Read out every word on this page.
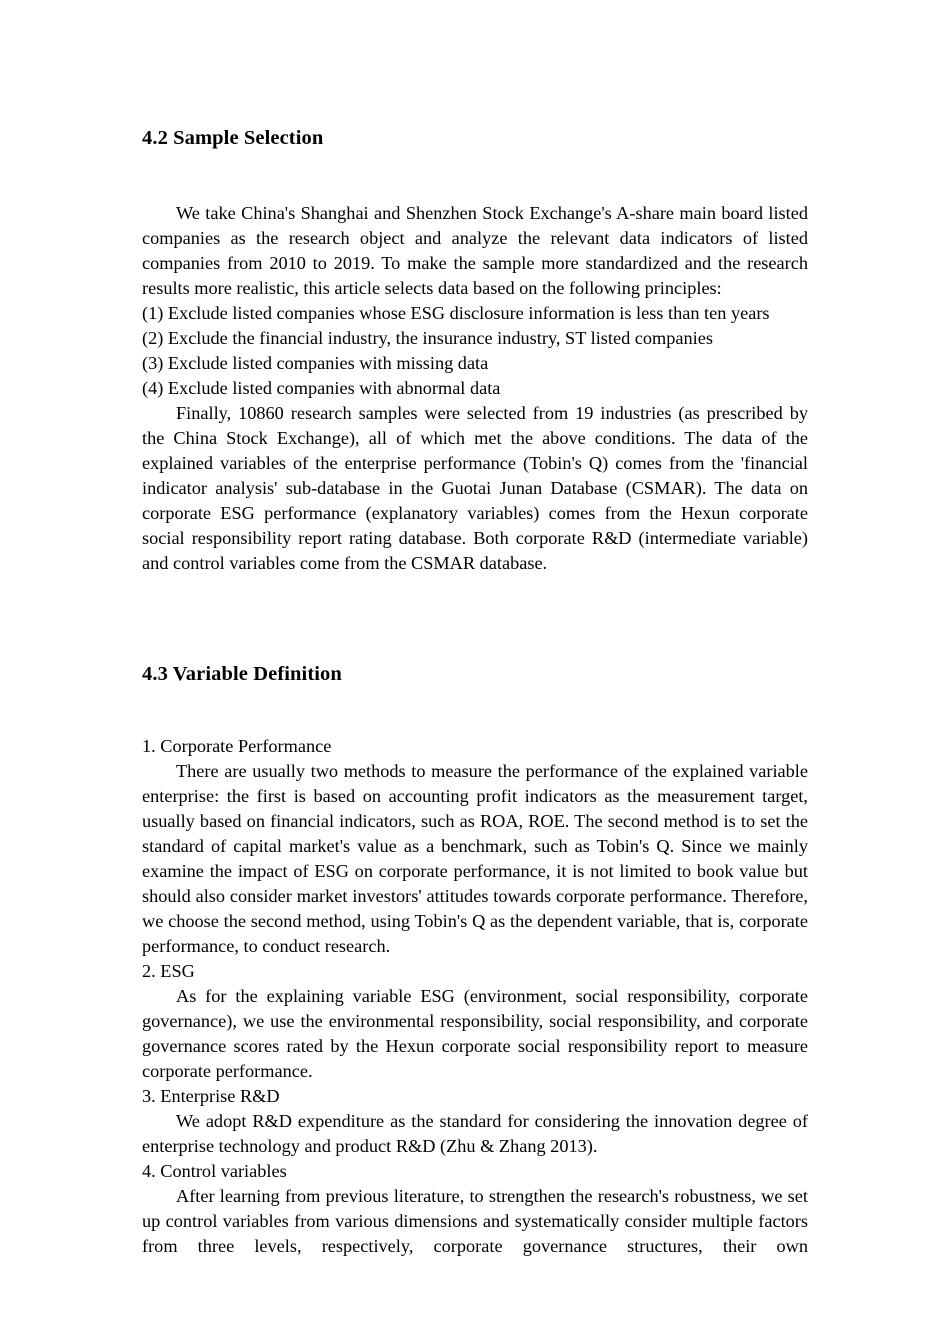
4.2 Sample Selection

We take China's Shanghai and Shenzhen Stock Exchange's A-share main board listed companies as the research object and analyze the relevant data indicators of listed companies from 2010 to 2019. To make the sample more standardized and the research results more realistic, this article selects data based on the following principles:

(1) Exclude listed companies whose ESG disclosure information is less than ten years

(2) Exclude the financial industry, the insurance industry, ST listed companies

(3) Exclude listed companies with missing data

(4) Exclude listed companies with abnormal data

Finally, 10860 research samples were selected from 19 industries (as prescribed by the China Stock Exchange), all of which met the above conditions. The data of the explained variables of the enterprise performance (Tobin's Q) comes from the 'financial indicator analysis' sub-database in the Guotai Junan Database (CSMAR). The data on corporate ESG performance (explanatory variables) comes from the Hexun corporate social responsibility report rating database. Both corporate R&D (intermediate variable) and control variables come from the CSMAR database.

4.3 Variable Definition

1. Corporate Performance

There are usually two methods to measure the performance of the explained variable enterprise: the first is based on accounting profit indicators as the measurement target, usually based on financial indicators, such as ROA, ROE. The second method is to set the standard of capital market's value as a benchmark, such as Tobin's Q. Since we mainly examine the impact of ESG on corporate performance, it is not limited to book value but should also consider market investors' attitudes towards corporate performance. Therefore, we choose the second method, using Tobin's Q as the dependent variable, that is, corporate performance, to conduct research.

2. ESG

As for the explaining variable ESG (environment, social responsibility, corporate governance), we use the environmental responsibility, social responsibility, and corporate governance scores rated by the Hexun corporate social responsibility report to measure corporate performance.

3. Enterprise R&D

We adopt R&D expenditure as the standard for considering the innovation degree of enterprise technology and product R&D (Zhu & Zhang 2013).

4. Control variables

After learning from previous literature, to strengthen the research's robustness, we set up control variables from various dimensions and systematically consider multiple factors from three levels, respectively, corporate governance structures, their own
